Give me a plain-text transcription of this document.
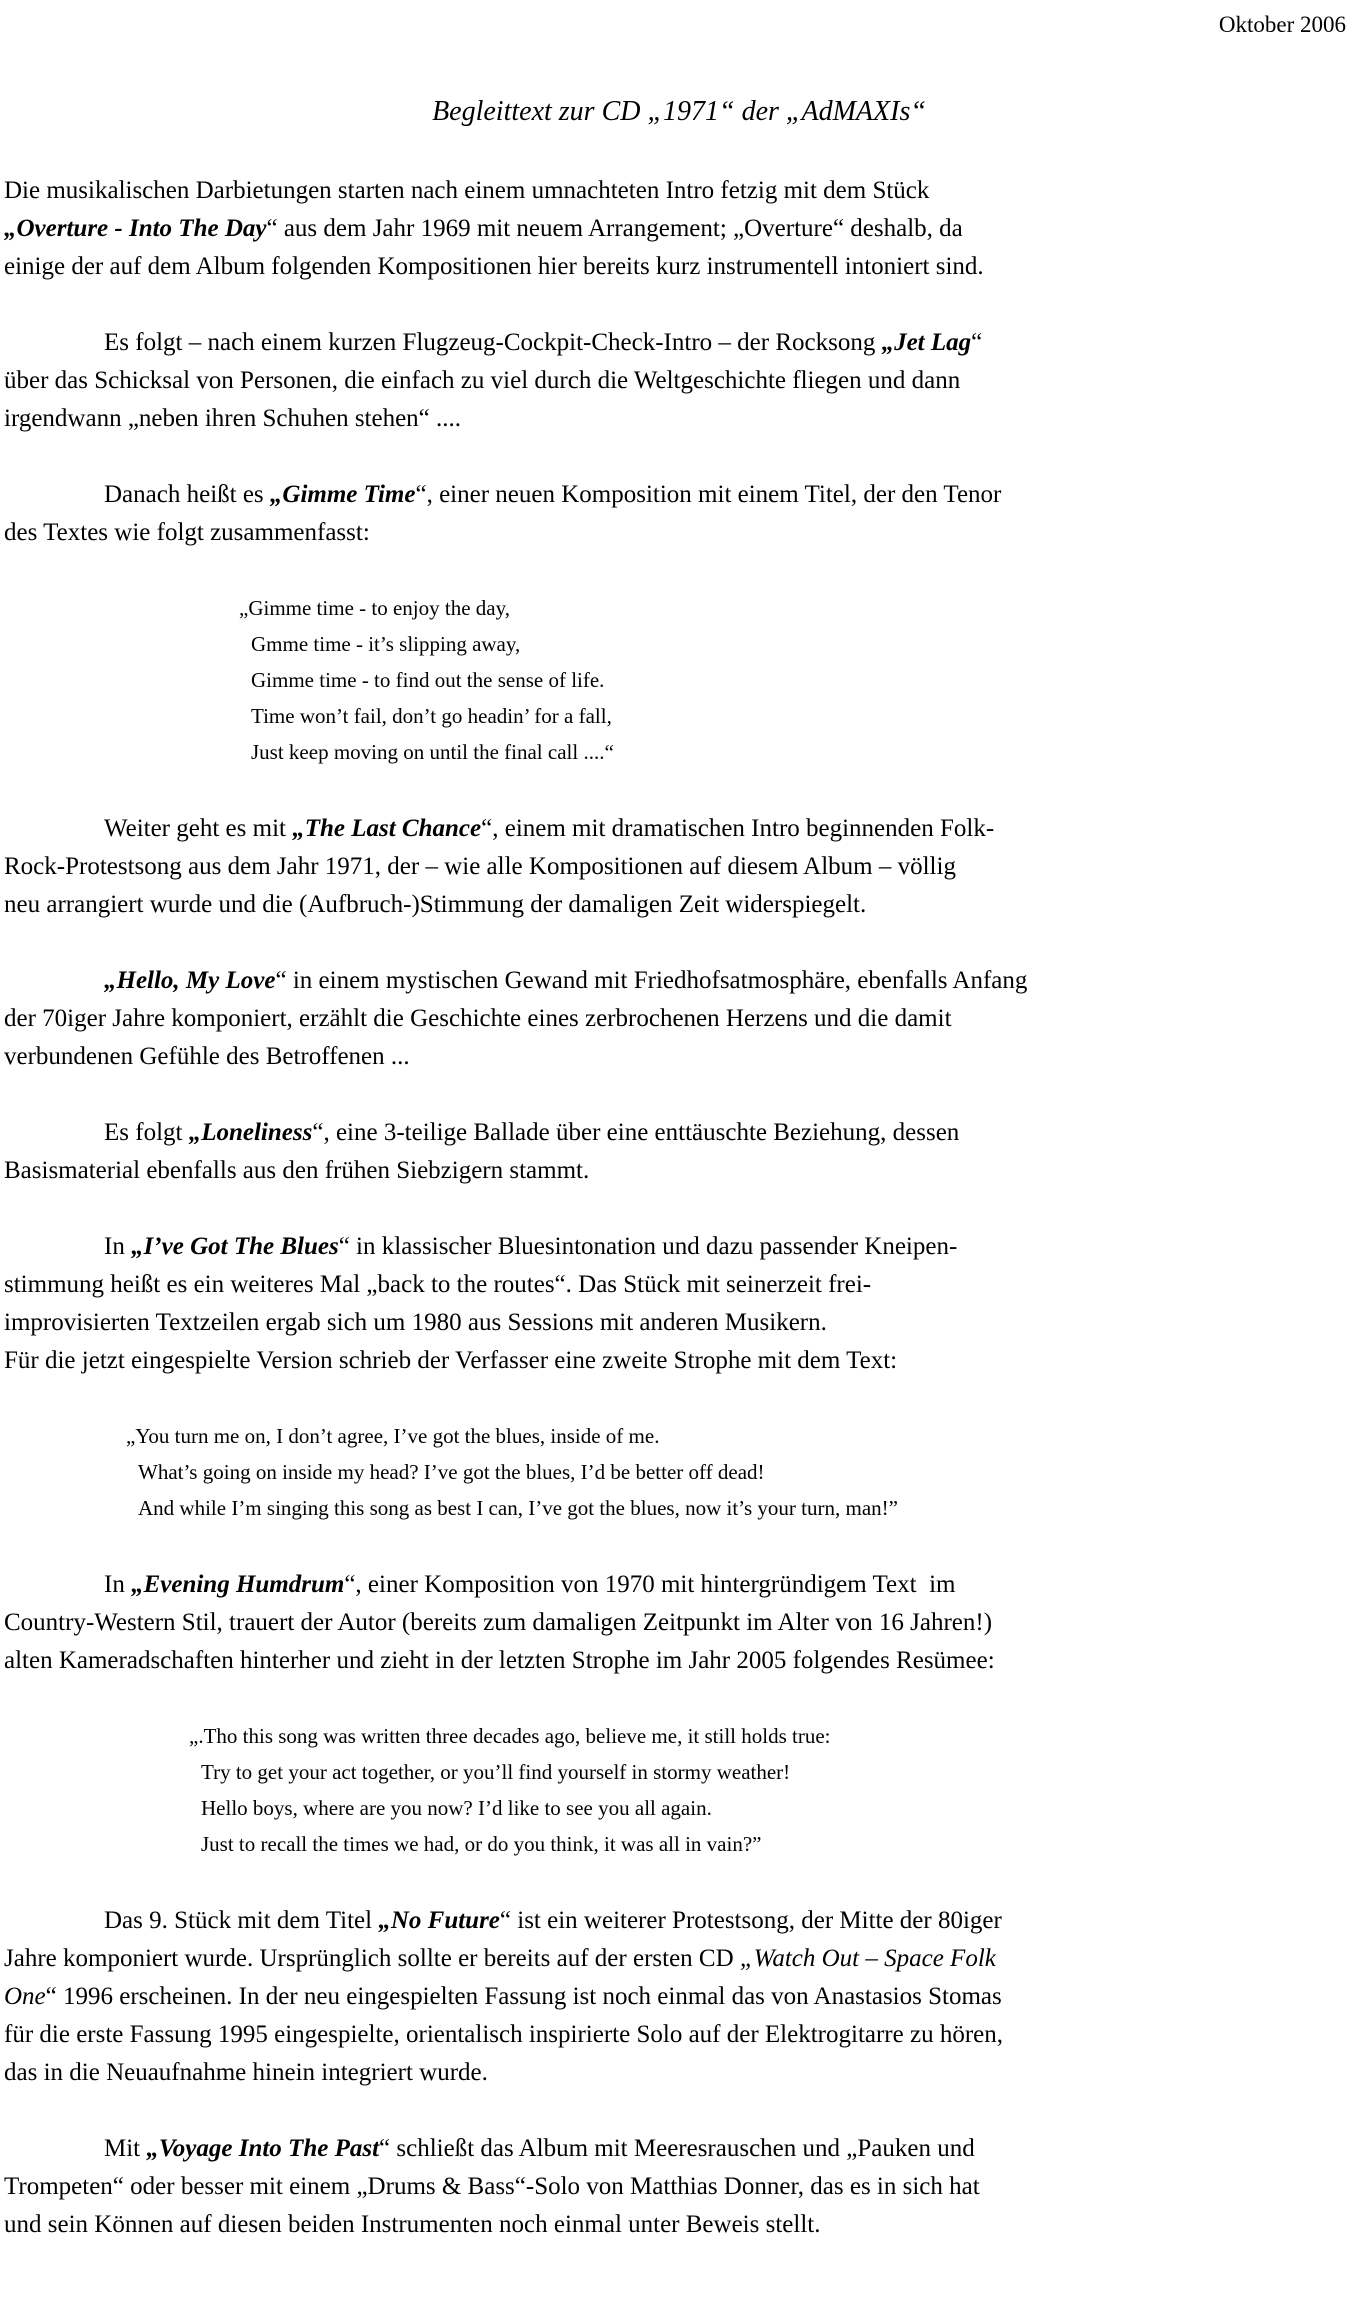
Oktober 2006
Begleittext zur CD „1971“ der „AdMAXIs“

Die musikalischen Darbietungen starten nach einem umnachteten Intro fetzig mit dem Stück
„Overture - Into The Day“ aus dem Jahr 1969 mit neuem Arrangement; „Overture“ deshalb, da
einige der auf dem Album folgenden Kompositionen hier bereits kurz instrumentell intoniert sind.

Es folgt – nach einem kurzen Flugzeug-Cockpit-Check-Intro – der Rocksong „Jet Lag“
über das Schicksal von Personen, die einfach zu viel durch die Weltgeschichte fliegen und dann
irgendwann „neben ihren Schuhen stehen“ ....

Danach heißt es „Gimme Time“, einer neuen Komposition mit einem Titel, der den Tenor
des Textes wie folgt zusammenfasst:

„Gimme time - to enjoy the day,
Gmme time - it’s slipping away,
Gimme time - to find out the sense of life.
Time won’t fail, don’t go headin’ for a fall,
Just keep moving on until the final call ....“

Weiter geht es mit „The Last Chance“, einem mit dramatischen Intro beginnenden Folk-
Rock-Protestsong aus dem Jahr 1971, der – wie alle Kompositionen auf diesem Album – völlig
neu arrangiert wurde und die (Aufbruch-)Stimmung der damaligen Zeit widerspiegelt.

„Hello, My Love“ in einem mystischen Gewand mit Friedhofsatmosphäre, ebenfalls Anfang
der 70iger Jahre komponiert, erzählt die Geschichte eines zerbrochenen Herzens und die damit
verbundenen Gefühle des Betroffenen ...

Es folgt „Loneliness“, eine 3-teilige Ballade über eine enttäuschte Beziehung, dessen
Basismaterial ebenfalls aus den frühen Siebzigern stammt.

In „I’ve Got The Blues“ in klassischer Bluesintonation und dazu passender Kneipen-
stimmung heißt es ein weiteres Mal „back to the routes“. Das Stück mit seinerzeit frei-
improvisierten Textzeilen ergab sich um 1980 aus Sessions mit anderen Musikern.
Für die jetzt eingespielte Version schrieb der Verfasser eine zweite Strophe mit dem Text:

„You turn me on, I don’t agree, I’ve got the blues, inside of me.
What’s going on inside my head? I’ve got the blues, I’d be better off dead!
And while I’m singing this song as best I can, I’ve got the blues, now it’s your turn, man!”

In „Evening Humdrum“, einer Komposition von 1970 mit hintergründigem Text  im
Country-Western Stil, trauert der Autor (bereits zum damaligen Zeitpunkt im Alter von 16 Jahren!)
alten Kameradschaften hinterher und zieht in der letzten Strophe im Jahr 2005 folgendes Resümee:

„.Tho this song was written three decades ago, believe me, it still holds true:
Try to get your act together, or you’ll find yourself in stormy weather!
Hello boys, where are you now? I’d like to see you all again.
Just to recall the times we had, or do you think, it was all in vain?”

Das 9. Stück mit dem Titel „No Future“ ist ein weiterer Protestsong, der Mitte der 80iger
Jahre komponiert wurde. Ursprünglich sollte er bereits auf der ersten CD „Watch Out – Space Folk
One“ 1996 erscheinen. In der neu eingespielten Fassung ist noch einmal das von Anastasios Stomas
für die erste Fassung 1995 eingespielte, orientalisch inspirierte Solo auf der Elektrogitarre zu hören,
das in die Neuaufnahme hinein integriert wurde.

Mit „Voyage Into The Past“ schließt das Album mit Meeresrauschen und „Pauken und
Trompeten“ oder besser mit einem „Drums & Bass“-Solo von Matthias Donner, das es in sich hat
und sein Können auf diesen beiden Instrumenten noch einmal unter Beweis stellt.
